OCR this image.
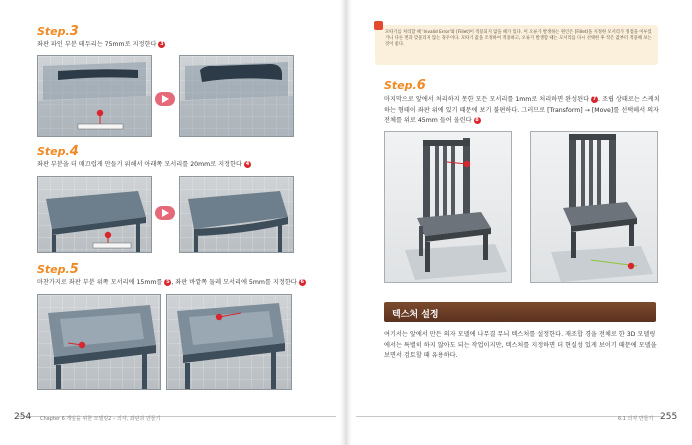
Step.3
좌판 파인 부분 테두리는 75mm로 지정한다 3
Step.4
좌판 부분을 더 매끄럽게 만들기 위해서 아래쪽 모서리를 20mm로 지정한다 4
Step.5
마찬가지로 좌판 부분 위쪽 모서리에 15mm를 5 , 좌판 바깥쪽 둘레 모서리에 5mm를 지정한다 6
254 Chapter 6 게임을 위한 모델링2 – 의자, 좌판과 만들기
모따기를 처리할 때 'Invalid Error'와 [Fillet]이 적용되지 않을 때가 있다. 이 오류가 발생하는 원인은 [Fillet]을 지정한 모서리가 정점을 이루었거나 다른 면과 맞물리지 않는 경우이다. 모따기 값을 조정하여 적용하고, 오류가 발생할 때는 모서리를 다시 선택한 후 작은 값부터 적용해 보는 것이 좋다.
Step.6
마지막으로 앞에서 처리하지 못한 모든 모서리를 1mm로 처리하면 완성된다 7 . 조립 상태로는 스케치하는 형태이 좌판 위에 있기 때문에 보기 불편하다. 그러므로 [Transform] → [Move]를 선택해서 의자 전체를 위로 45mm 들어 올린다 8
텍스처 설정
여기서는 앞에서 만든 의자 모델에 나무결 무늬 텍스처를 설정한다. 재조합 경을 전체로 한 3D 모델링에서는 특별히 하지 않아도 되는 작업이지만, 텍스처를 지정하면 더 현실성 있게 보이기 때문에 모델을 보면서 검토할 때 유용하다.
6.1 의자 만들기 255
